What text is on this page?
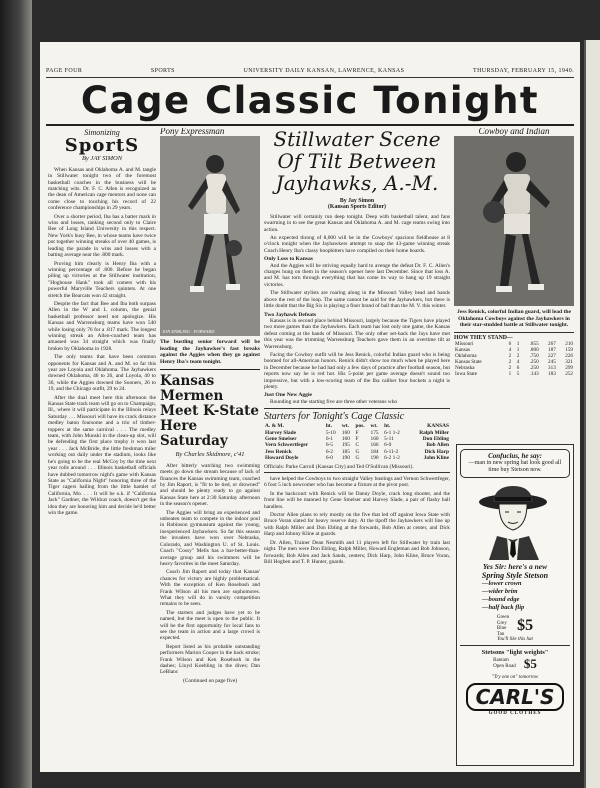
PAGE FOUR	SPORTS	UNIVERSITY DAILY KANSAN, LAWRENCE, KANSAS	THURSDAY, FEBRUARY 15, 1940.
Cage Classic Tonight
Simonizing
SportS
By JAY SIMON

When Kansas and Oklahoma A. and M. tangle in Stillwater tonight two of the foremost basketball coaches in the business will be matching wits. Dr. F. C. Allen is recognized as the dean of American cage mentors and none can come close to touching his record of 22 conference championships in 29 years.

Over a shorter period, Iba has a batter mark in wins and losses, ranking second only to Claire Bee of Long Island University in this respect. New York's busy Bee, in whose teams have twice put together winning streaks of over 40 games, is leading the parade in wins and losses with a batting average near the .800 mark.

Proving him clearly is Henry Iba with a winning percentage of .800. Before he began piling up victories at the Stillwater institution, "Hoghouse Hank" took all comers with his powerful Maryville Teachers quintets. At one stretch the Bearcats won 42 straight.

Despite the fact that Bee and Iba both surpass Allen in the W and L column, the genial basketball professor need not apologize. His Kansas and Warrensburg teams have won 540 while losing only 76 for a .817 mark. The longest winning streak an Allen-coached team has amassed was 34 straight which was finally broken by Oklahoma in 1928.

The only teams that have been common opponents for Kansas and A. and M. so far this year are Loyola and Oklahoma. The Jayhawkers downed Oklahoma, 46 to 26, and Loyola, 40 to 36, while the Aggies downed the Sooners, 26 to 19, and the Chicago outfit, 29 to 24.

After the dual meet here this afternoon the Kansas State track team will go on to Champaign, Ill., where it will participate in the Illinois relays Saturday . . . Missouri will have its crack distance medley baton foursome and a trio of timber-toppers at the same carnival . . . The medley team, with John Munski in the clean-up slot, will be defending the first place trophy it won last year . . . Jack McBride, the little freshman miler working out daily under the stadium, looks like he's going to be the real McCoy by the time next year rolls around . . . Illinois basketball officials have dubbed tomorrow night's game with Kansas State as "California Night" honoring three of the Tiger cagers hailing from the little hamlet of California, Mo. . . . It will be o.k. if "California Jack" Gardner, the Wildcat coach, doesn't get the idea they are honoring him and decide he'd better win the game.

Pony Expressman
JON ENBLING · FORWARD
The bustling senior forward will be leading the Jayhawker's fast breaks against the Aggies when they go against Henry Iba's team tonight.
Kansas Mermen Meet K-State Here Saturday
By Charles Skidmore, c'41

After bitterly watching two swimming meets go down the stream because of lack of finances the Kansas swimming team, coached by Jim Raport, is "fit to be tied, or drowned" and should be plenty ready to go against Kansas State here at 2:30 Saturday afternoon in the season's opener.

The Aggies will bring an experienced and unbeaten team to compete in the indoor pool in Robinson gymnasium against the young, inexperienced Jayhawkers. So far this season the invaders have won over Nebraska, Colorado, and Washington U. of St. Louis. Coach "Cossy" Mells has a bar-better-than-average group and his swimmers will be heavy favorites in the meet Saturday.

Coach Jim Raport and today that Kansas' chances for victory are highly problematical. With the exception of Ken Rosebush and Frank Wilson all his men are sophomores. What they will do in varsity competition remains to be seen.

The starters and judges have yet to be named, but the meet is open to the public. It will be the first opportunity for local fans to see the team in action and a large crowd is expected.

Report listed as his probable outstanding performers Marion Cooper in the back stroke; Frank Wilson and Ken Rosebush in the dashes; Lloyd Koehling in the dives; Dan LeBlanc

(Continued on page five)
Stillwater Scene Of Tilt Between Jayhawks, A.-M.
By Jay Simon
(Kansan Sports Editor)

Stillwater will certainly run deep tonight. Deep with basketball talent, and fans swarming in to see the great Kansas and Oklahoma A. and M. cage teams swing into action.

An expected throng of 8,000 will be in the Cowboys' spacious fieldhouse at 8 o'clock tonight when the Jayhawkers attempt to snap the 43-game winning streak Coach Henry Iba's classy boopbitters have compiled on their home boards.

Only Loss to Kansas

And the Aggies will be striving equally hard to avenge the defeat Dr. F. C. Allen's charges hung on them in the season's opener here last December. Since that loss A. and M. has torn through everything that has come its way to hang up 19 straight victories.

The Stillwater stylists are roaring along in the Missouri Valley head and hands above the rest of the loop. The same cannot be said for the Jayhawkers, but there is little doubt that the Big Six is playing a finer brand of ball than the M. V. this winter.

Two Jayhawk Defeats

Kansas is in second place behind Missouri, largely because the Tigers have played two more games than the Jayhawkers. Each team has lost only one game, the Kansas defeat coming at the hands of Missouri. The only other set-back the Jays have met this year was the trimming Warrensburg Teachers gave them in an overtime tilt at Warrensburg.

Facing the Cowboy outfit will be Jess Renick, colorful Indian guard who is being boomed for all-American honors. Renick didn't show too much when he played here in December because he had had only a few days of practice after football season, but reports now say he is red hot. His 5-point per game average doesn't sound too impressive, but with a low-scoring team of the Iba caliber four buckets a night is plenty.

Just One New Aggie

Rounding out the starting five are three other veterans who

Starters for Tonight's Cage Classic
A. & M.	ht.	wt.	pos.	wt.	ht.	KANSAS
Harvey Slade	5-10	160	F	175	6-1 1-2	Ralph Miller
Gene Smelser	6-1	160	F	160	5-11	Don Ebling
Vern Schwertfeger	6-5	195	C	166	6-0	Bob Allen
Jess Renick	6-2	185	G	184	6-11-2	Dick Harp
Howard Doyle	6-0	190	G	190	6-2 1-2	John Kline
Officials: Parke Carroll (Kansas City) and Ted O'Sullivan (Missouri).

have helped the Cowboys to two straight Valley bustings and Vernon Schwertfeger, 6 foot 5 inch newcomer who has become a fixture at the pivot post.

In the backcourt with Renick will be Danny Doyle, crack long shooter, and the front line will be manned by Gene Smelser and Harvey Slade, a pair of flashy ball handlers.

Doctor Allen plans to rely mostly on the five that led off against Iowa State with Bruce Voran slated for heavy reserve duty. At the tipoff the Jayhawkers will line up with Ralph Miller and Don Ebling at the forwards, Bob Allen at center, and Dick Harp and Johnny Kline at guards.

Dr. Allen, Trainer Dean Nesmith and 11 players left for Stillwater by train last night. The men were Don Ebling, Ralph Miller, Howard Engleman and Bob Johnson, forwards; Bob Allen and Jack Sands, centers; Dick Harp, John Kline, Bruce Voran, Bill Hogben and T. P. Hunter, guards.

Cowboy and Indian
Jess Renick, colorful Indian guard, will lead the Oklahoma Cowboys against the Jayhawkers in their star-studded battle at Stillwater tonight.
HOW THEY STAND—
Missouri	6	1	.855	267	210
Kansas	4	1	.800	187	159
Oklahoma	2	2	.750	227	226
Kansas State	2	4	.250	245	321
Nebraska	2	6	.250	313	299
Iowa State	1	5	.143	183	252
Confucius, he say:
—man in new spring hat look good all time buy Stetson now.
Yes Sir: here's a new
Spring Style Stetson
—lower crown
—wider brim
—bound edge
—half back flip
Green
Grey
Blue
Tan
$5
You'll like this hat
Stetsons "light weights"
Bantam
Open Road $5
"Try one on" tomorrow
CARL'S
GOOD CLOTHES
